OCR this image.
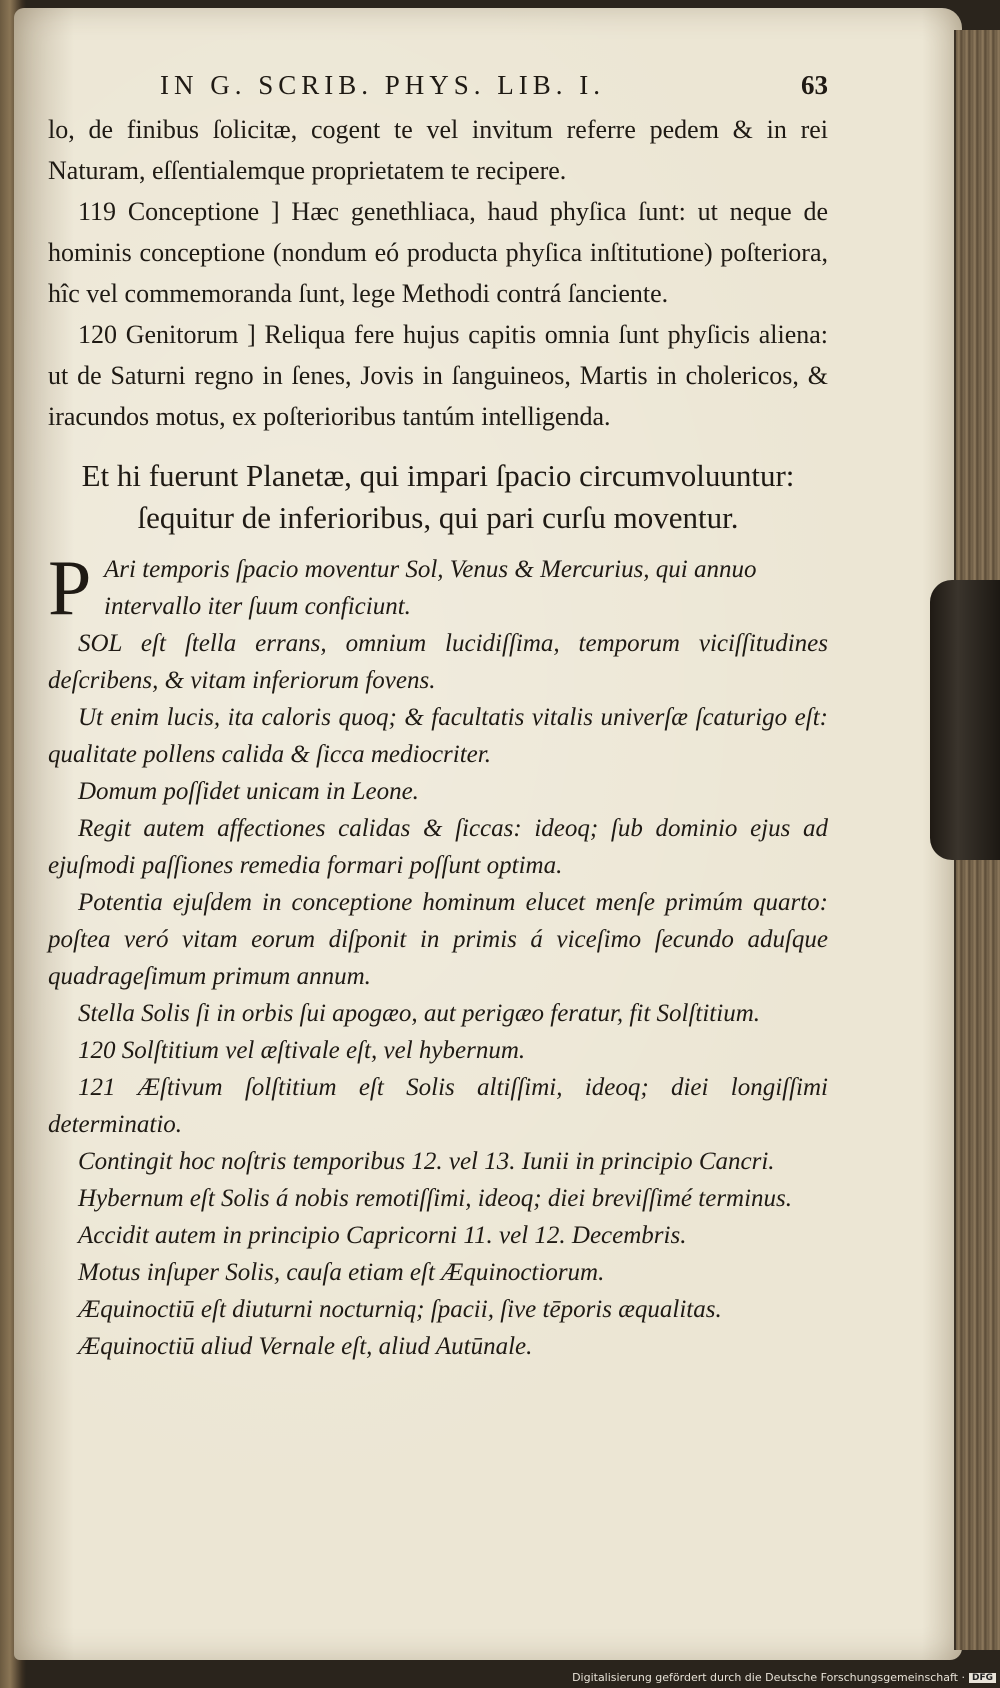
IN G. SCRIB. PHYS. LIB. I.	63

lo, de finibus ſolicitæ, cogent te vel invitum referre pedem & in rei Naturam, eſſentialemque proprietatem te recipere.

119 Conceptione ] Hæc genethliaca, haud phyſica ſunt: ut neque de hominis conceptione (nondum eó producta phyſica inſtitutione) poſteriora, hîc vel commemoranda ſunt, lege Methodi contrá ſanciente.

120 Genitorum ] Reliqua fere hujus capitis omnia ſunt phyſicis aliena: ut de Saturni regno in ſenes, Jovis in ſanguineos, Martis in cholericos, & iracundos motus, ex poſterioribus tantúm intelligenda.

Et hi fuerunt Planetæ, qui impari ſpacio circumvoluuntur: ſequitur de inferioribus, qui pari curſu moventur.
P Ari temporis ſpacio moventur Sol, Venus & Mercurius, qui annuo intervallo iter ſuum conficiunt.

SOL eſt ſtella errans, omnium lucidiſſima, temporum viciſſitudines deſcribens, & vitam inferiorum fovens.

Ut enim lucis, ita caloris quoq; & facultatis vitalis univerſæ ſcaturigo eſt: qualitate pollens calida & ſicca mediocriter.

Domum poſſidet unicam in Leone.

Regit autem affectiones calidas & ſiccas: ideoq; ſub dominio ejus ad ejuſmodi paſſiones remedia formari poſſunt optima.

Potentia ejuſdem in conceptione hominum elucet menſe primúm quarto: poſtea veró vitam eorum diſponit in primis á viceſimo ſecundo aduſque quadrageſimum primum annum.

Stella Solis ſi in orbis ſui apogæo, aut perigæo feratur, fit Solſtitium.

120 Solſtitium vel æſtivale eſt, vel hybernum.

121 Æſtivum ſolſtitium eſt Solis altiſſimi, ideoq; diei longiſſimi determinatio.

Contingit hoc noſtris temporibus 12. vel 13. Iunii in principio Cancri.

Hybernum eſt Solis á nobis remotiſſimi, ideoq; diei breviſſimé terminus.

Accidit autem in principio Capricorni 11. vel 12. Decembris.

Motus inſuper Solis, cauſa etiam eſt Æquinoctiorum.

Æquinoctiū eſt diuturni nocturniq; ſpacii, ſive tēporis æqualitas.

Æquinoctiū aliud Vernale eſt, aliud Autūnale.

Digitalisierung gefördert durch die Deutsche Forschungsgemeinschaft · DFG
